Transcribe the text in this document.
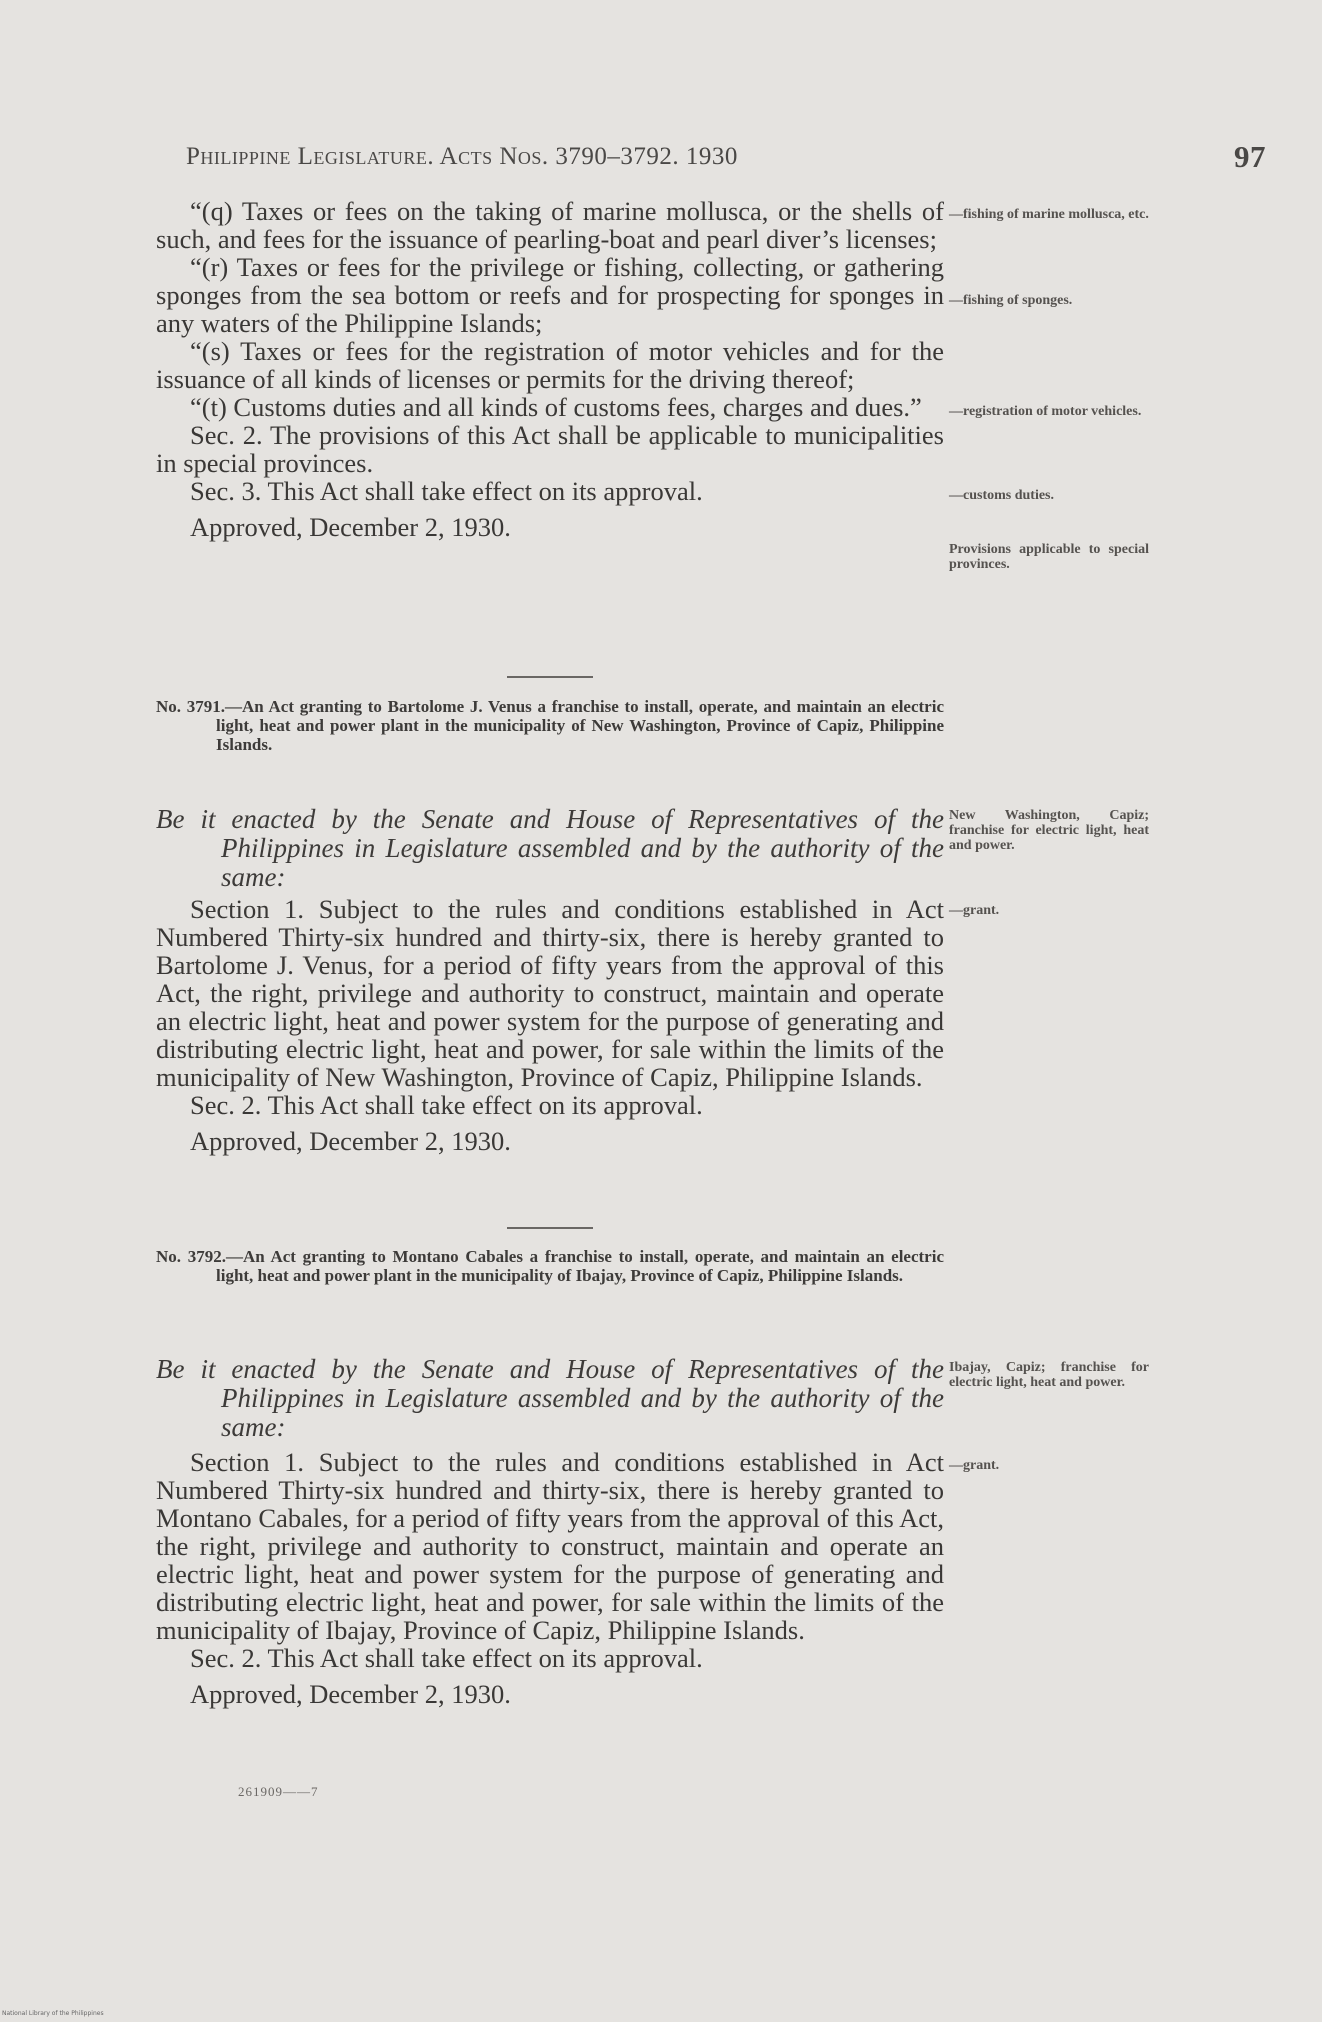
Philippine Legislature. Acts Nos. 3790–3792. 1930	97

“(q) Taxes or fees on the taking of marine mollusca, or the shells of such, and fees for the issuance of pearling-boat and pearl diver’s licenses;

“(r) Taxes or fees for the privilege or fishing, collecting, or gathering sponges from the sea bottom or reefs and for prospecting for sponges in any waters of the Philippine Islands;

“(s) Taxes or fees for the registration of motor vehicles and for the issuance of all kinds of licenses or permits for the driving thereof;

“(t) Customs duties and all kinds of customs fees, charges and dues.”

Sec. 2. The provisions of this Act shall be applicable to municipalities in special provinces.

Sec. 3. This Act shall take effect on its approval.

Approved, December 2, 1930.

—fishing of marine mollusca, etc.
—fishing of sponges.
—registration of motor vehicles.
—customs duties.
Provisions applicable to special provinces.
No. 3791.—An Act granting to Bartolome J. Venus a franchise to install, operate, and maintain an electric light, heat and power plant in the municipality of New Washington, Province of Capiz, Philippine Islands.
Be it enacted by the Senate and House of Representatives of the Philippines in Legislature assembled and by the authority of the same:
New Washington, Capiz; franchise for electric light, heat and power.

Section 1. Subject to the rules and conditions established in Act Numbered Thirty-six hundred and thirty-six, there is hereby granted to Bartolome J. Venus, for a period of fifty years from the approval of this Act, the right, privilege and authority to construct, maintain and operate an electric light, heat and power system for the purpose of generating and distributing electric light, heat and power, for sale within the limits of the municipality of New Washington, Province of Capiz, Philippine Islands.

Sec. 2. This Act shall take effect on its approval.

Approved, December 2, 1930.

—grant.
No. 3792.—An Act granting to Montano Cabales a franchise to install, operate, and maintain an electric light, heat and power plant in the municipality of Ibajay, Province of Capiz, Philippine Islands.
Be it enacted by the Senate and House of Representatives of the Philippines in Legislature assembled and by the authority of the same:
Ibajay, Capiz; franchise for electric light, heat and power.

Section 1. Subject to the rules and conditions established in Act Numbered Thirty-six hundred and thirty-six, there is hereby granted to Montano Cabales, for a period of fifty years from the approval of this Act, the right, privilege and authority to construct, maintain and operate an electric light, heat and power system for the purpose of generating and distributing electric light, heat and power, for sale within the limits of the municipality of Ibajay, Province of Capiz, Philippine Islands.

Sec. 2. This Act shall take effect on its approval.

Approved, December 2, 1930.

—grant.
261909——7
National Library of the Philippines
